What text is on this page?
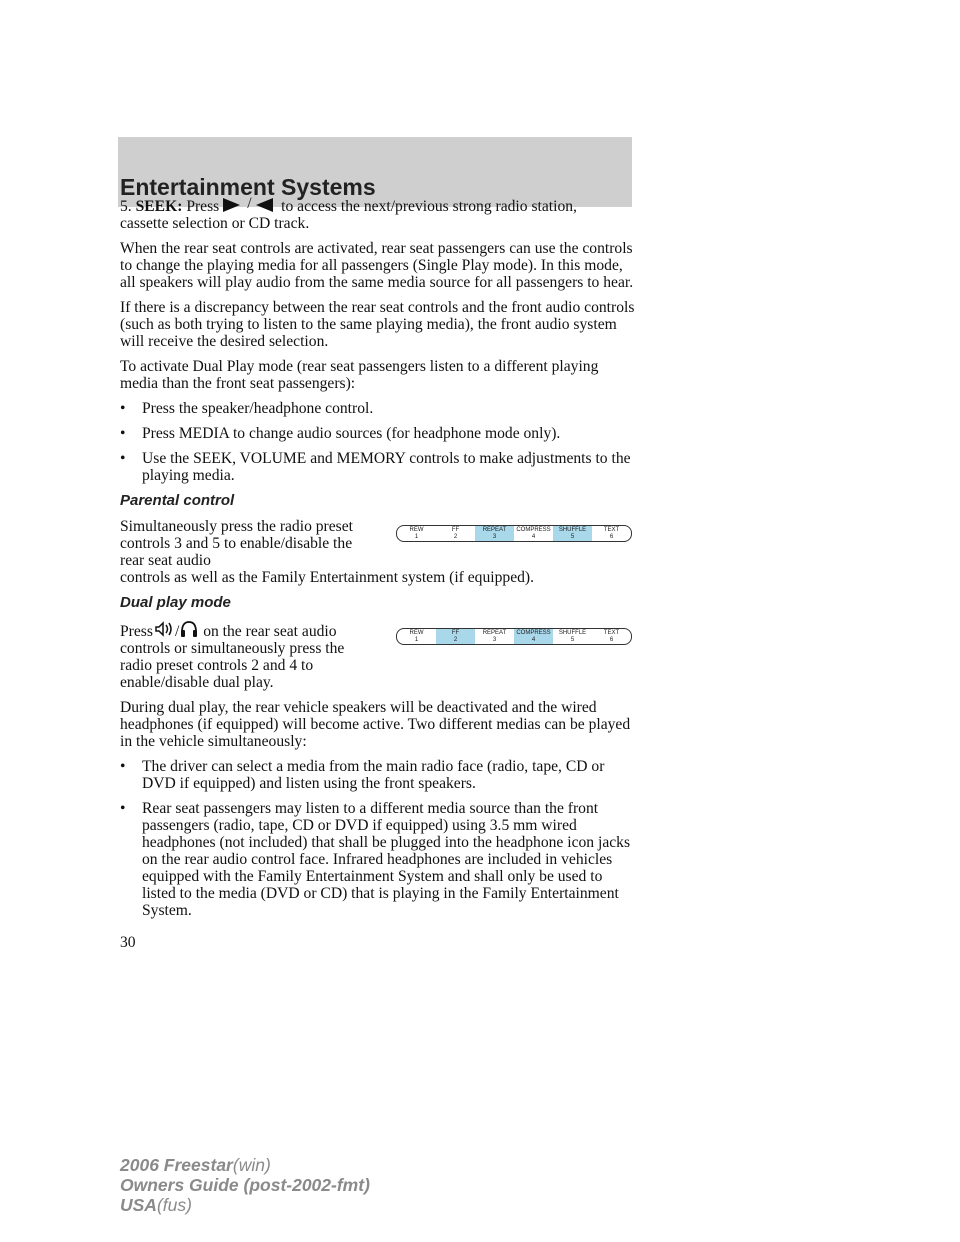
Entertainment Systems

5. SEEK: Press / to access the next/previous strong radio station,
cassette selection or CD track.

When the rear seat controls are activated, rear seat passengers can use the controls to change the playing media for all passengers (Single Play mode). In this mode, all speakers will play audio from the same media source for all passengers to hear.

If there is a discrepancy between the rear seat controls and the front audio controls (such as both trying to listen to the same playing media), the front audio system will receive the desired selection.

To activate Dual Play mode (rear seat passengers listen to a different playing media than the front seat passengers):

• Press the speaker/headphone control.
• Press MEDIA to change audio sources (for headphone mode only).
• Use the SEEK, VOLUME and MEMORY controls to make adjustments to the playing media.
Parental control
Simultaneously press the radio preset controls 3 and 5 to enable/disable the rear seat audio
REW
1
FF
2
REPEAT
3
COMPRESS
4
SHUFFLE
5
TEXT
6

controls as well as the Family Entertainment system (if equipped).

Dual play mode
Press / on the rear seat audio controls or simultaneously press the radio preset controls 2 and 4 to enable/disable dual play.
REW
1
FF
2
REPEAT
3
COMPRESS
4
SHUFFLE
5
TEXT
6

During dual play, the rear vehicle speakers will be deactivated and the wired headphones (if equipped) will become active. Two different medias can be played in the vehicle simultaneously:

• The driver can select a media from the main radio face (radio, tape, CD or DVD if equipped) and listen using the front speakers.
• Rear seat passengers may listen to a different media source than the front passengers (radio, tape, CD or DVD if equipped) using 3.5 mm wired headphones (not included) that shall be plugged into the headphone icon jacks on the rear audio control face. Infrared headphones are included in vehicles equipped with the Family Entertainment System and shall only be used to listed to the media (DVD or CD) that is playing in the Family Entertainment System.
30
2006 Freestar(win)
Owners Guide (post-2002-fmt)
USA(fus)
